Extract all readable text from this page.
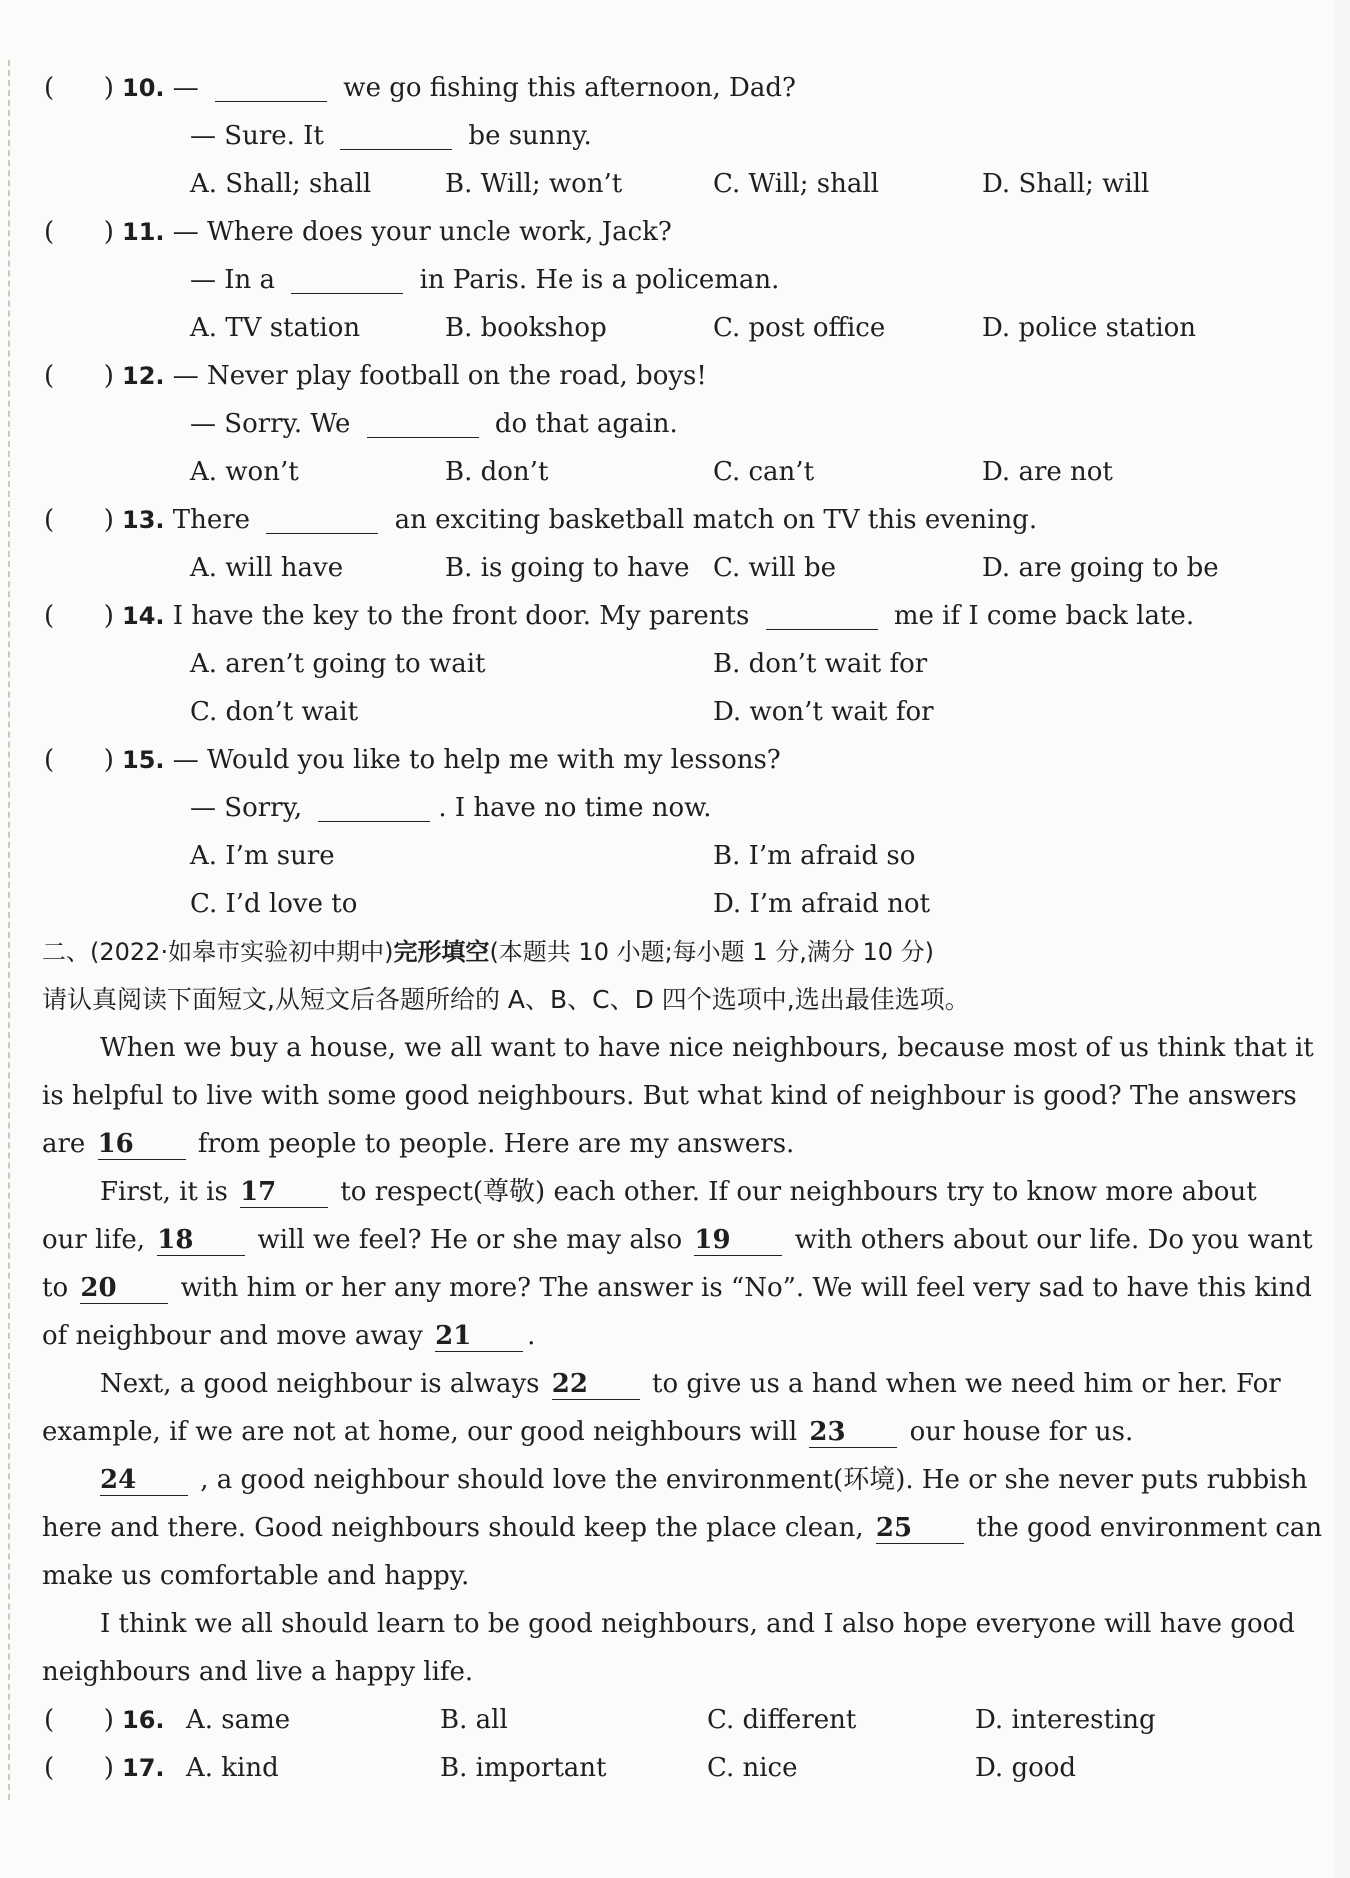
(      ) 10. —	we go fishing this afternoon, Dad?
— Sure. It	be sunny.
A. Shall; shall	B. Will; won’t	C. Will; shall	D. Shall; will
(      ) 11. — Where does your uncle work, Jack?
— In a	in Paris. He is a policeman.
A. TV station	B. bookshop	C. post office	D. police station
(      ) 12. — Never play football on the road, boys!
— Sorry. We	do that again.
A. won’t	B. don’t	C. can’t	D. are not
(      ) 13. There	an exciting basketball match on TV this evening.
A. will have	B. is going to have C. will be	D. are going to be
(      ) 14. I have the key to the front door. My parents	me if I come back late.
A. aren’t going to wait	B. don’t wait for
C. don’t wait	D. won’t wait for
(      ) 15. — Would you like to help me with my lessons?
— Sorry,	. I have no time now.
A. I’m sure	B. I’m afraid so
C. I’d love to	D. I’m afraid not
二、(2022·如皋市实验初中期中)完形填空(本题共 10 小题;每小题 1 分,满分 10 分)
请认真阅读下面短文,从短文后各题所给的 A、B、C、D 四个选项中,选出最佳选项。
When we buy a house, we all want to have nice neighbours, because most of us think that it
is helpful to live with some good neighbours. But what kind of neighbour is good? The answers
are 16 from people to people. Here are my answers.
First, it is 17 to respect(尊敬) each other. If our neighbours try to know more about
our life, 18 will we feel? He or she may also 19 with others about our life. Do you want
to 20 with him or her any more? The answer is “No”. We will feel very sad to have this kind
of neighbour and move away 21 .
Next, a good neighbour is always 22 to give us a hand when we need him or her. For
example, if we are not at home, our good neighbours will 23 our house for us.
24 , a good neighbour should love the environment(环境). He or she never puts rubbish
here and there. Good neighbours should keep the place clean, 25 the good environment can
make us comfortable and happy.
I think we all should learn to be good neighbours, and I also hope everyone will have good
neighbours and live a happy life.
(      ) 16. A. same	B. all	C. different	D. interesting
(      ) 17. A. kind	B. important	C. nice	D. good
